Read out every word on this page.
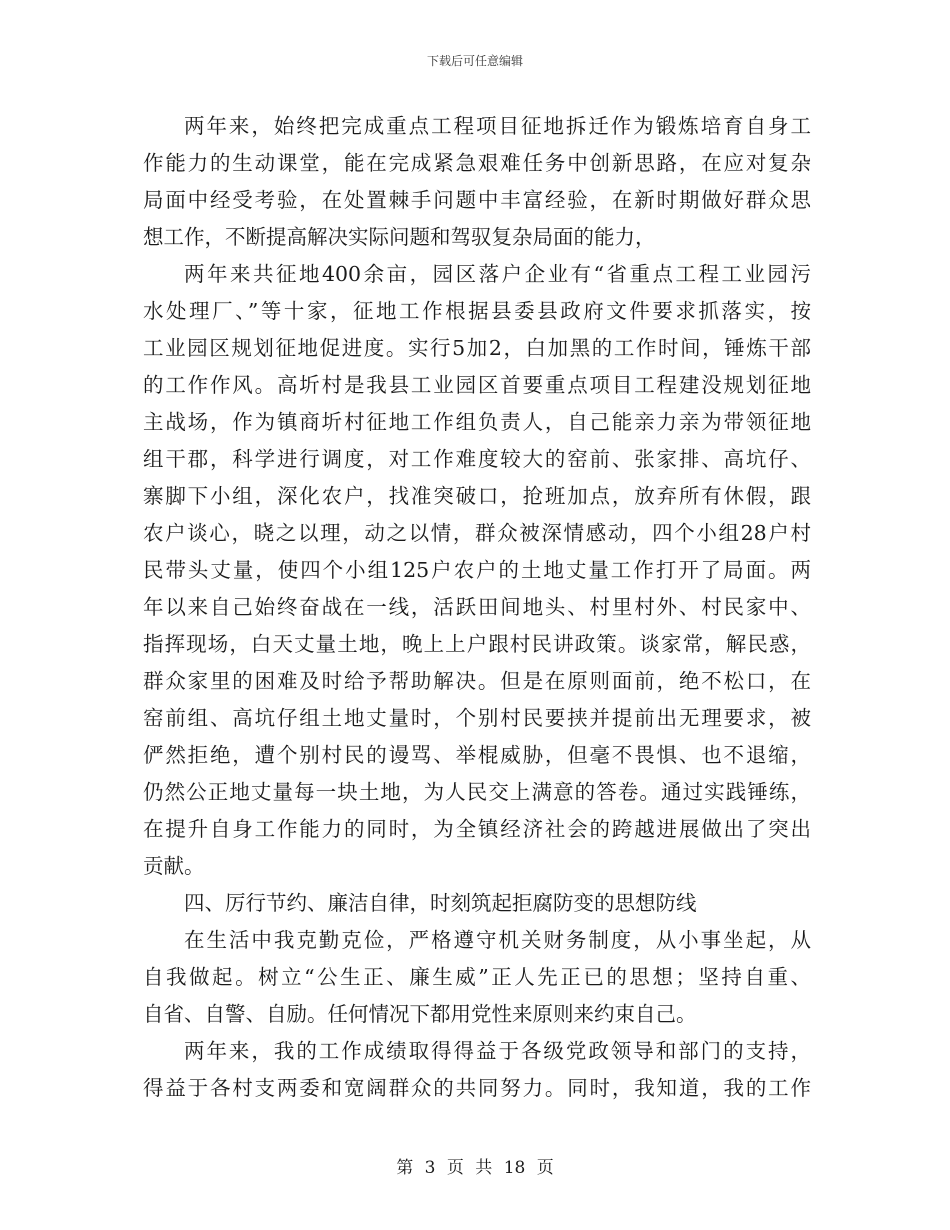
下载后可任意编辑
两年来，始终把完成重点工程项目征地拆迁作为锻炼培育自身工
作能力的生动课堂，能在完成紧急艰难任务中创新思路，在应对复杂
局面中经受考验，在处置棘手问题中丰富经验，在新时期做好群众思
想工作，不断提高解决实际问题和驾驭复杂局面的能力，
两年来共征地400余亩，园区落户企业有“省重点工程工业园污
水处理厂、”等十家，征地工作根据县委县政府文件要求抓落实，按
工业园区规划征地促进度。实行5加2，白加黑的工作时间，锤炼干部
的工作作风。高圻村是我县工业园区首要重点项目工程建没规划征地
主战场，作为镇商圻村征地工作组负责人，自己能亲力亲为带领征地
组干郡，科学进行调度，对工作难度较大的窑前、张家排、高坑仔、
寨脚下小组，深化农户，找准突破口，抢班加点，放弃所有休假，跟
农户谈心，晓之以理，动之以情，群众被深情感动，四个小组28户村
民带头丈量，使四个小组125户农户的土地丈量工作打开了局面。两
年以来自己始终奋战在一线，活跃田间地头、村里村外、村民家中、
指挥现场，白天丈量土地，晚上上户跟村民讲政策。谈家常，解民惑，
群众家里的困难及时给予帮助解决。但是在原则面前，绝不松口，在
窑前组、高坑仔组土地丈量时，个别村民要挟并提前出无理要求，被
俨然拒绝，遭个别村民的谩骂、举棍威胁，但毫不畏惧、也不退缩，
仍然公正地丈量每一块土地，为人民交上满意的答卷。通过实践锤练，
在提升自身工作能力的同时，为全镇经济社会的跨越进展做出了突出
贡献。
四、厉行节约、廉洁自律，时刻筑起拒腐防变的思想防线
在生活中我克勤克俭，严格遵守机关财务制度，从小事坐起，从
自我做起。树立“公生正、廉生威”正人先正已的思想；坚持自重、
自省、自警、自励。任何情况下都用党性来原则来约束自己。
两年来，我的工作成绩取得得益于各级党政领导和部门的支持，
得益于各村支两委和宽阔群众的共同努力。同时，我知道，我的工作
第 3 页 共 18 页
